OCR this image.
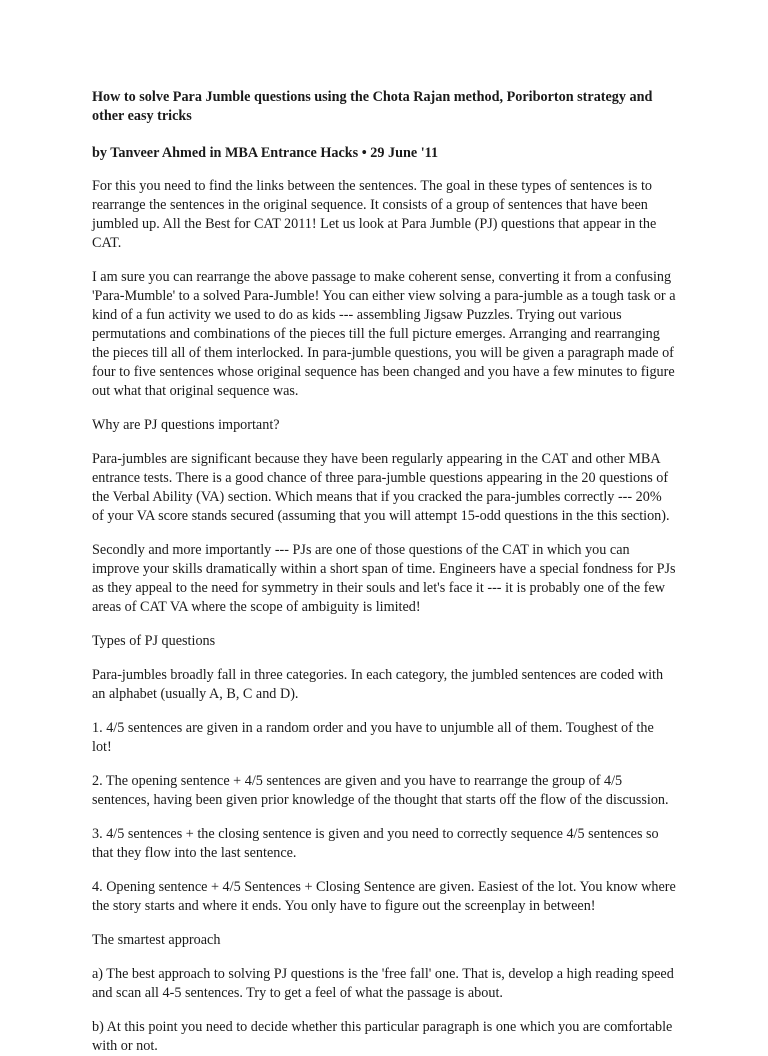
How to solve Para Jumble questions using the Chota Rajan method, Poriborton strategy and other easy tricks
by Tanveer Ahmed in MBA Entrance Hacks • 29 June '11
For this you need to find the links between the sentences. The goal in these types of sentences is to rearrange the sentences in the original sequence. It consists of a group of sentences that have been jumbled up. All the Best for CAT 2011! Let us look at Para Jumble (PJ) questions that appear in the CAT.
I am sure you can rearrange the above passage to make coherent sense, converting it from a confusing 'Para-Mumble' to a solved Para-Jumble! You can either view solving a para-jumble as a tough task or a kind of a fun activity we used to do as kids --- assembling Jigsaw Puzzles. Trying out various permutations and combinations of the pieces till the full picture emerges. Arranging and rearranging the pieces till all of them interlocked. In para-jumble questions, you will be given a paragraph made of four to five sentences whose original sequence has been changed and you have a few minutes to figure out what that original sequence was.
Why are PJ questions important?
Para-jumbles are significant because they have been regularly appearing in the CAT and other MBA entrance tests. There is a good chance of three para-jumble questions appearing in the 20 questions of the Verbal Ability (VA) section. Which means that if you cracked the para-jumbles correctly --- 20% of your VA score stands secured (assuming that you will attempt 15-odd questions in the this section).
Secondly and more importantly --- PJs are one of those questions of the CAT in which you can improve your skills dramatically within a short span of time. Engineers have a special fondness for PJs as they appeal to the need for symmetry in their souls and let's face it --- it is probably one of the few areas of CAT VA where the scope of ambiguity is limited!
Types of PJ questions
Para-jumbles broadly fall in three categories. In each category, the jumbled sentences are coded with an alphabet (usually A, B, C and D).
1. 4/5 sentences are given in a random order and you have to unjumble all of them. Toughest of the lot!
2. The opening sentence + 4/5 sentences are given and you have to rearrange the group of 4/5 sentences, having been given prior knowledge of the thought that starts off the flow of the discussion.
3. 4/5 sentences + the closing sentence is given and you need to correctly sequence 4/5 sentences so that they flow into the last sentence.
4. Opening sentence + 4/5 Sentences + Closing Sentence are given. Easiest of the lot. You know where the story starts and where it ends. You only have to figure out the screenplay in between!
The smartest approach
a) The best approach to solving PJ questions is the 'free fall' one. That is, develop a high reading speed and scan all 4-5 sentences. Try to get a feel of what the passage is about.
b) At this point you need to decide whether this particular paragraph is one which you are comfortable with or not.
